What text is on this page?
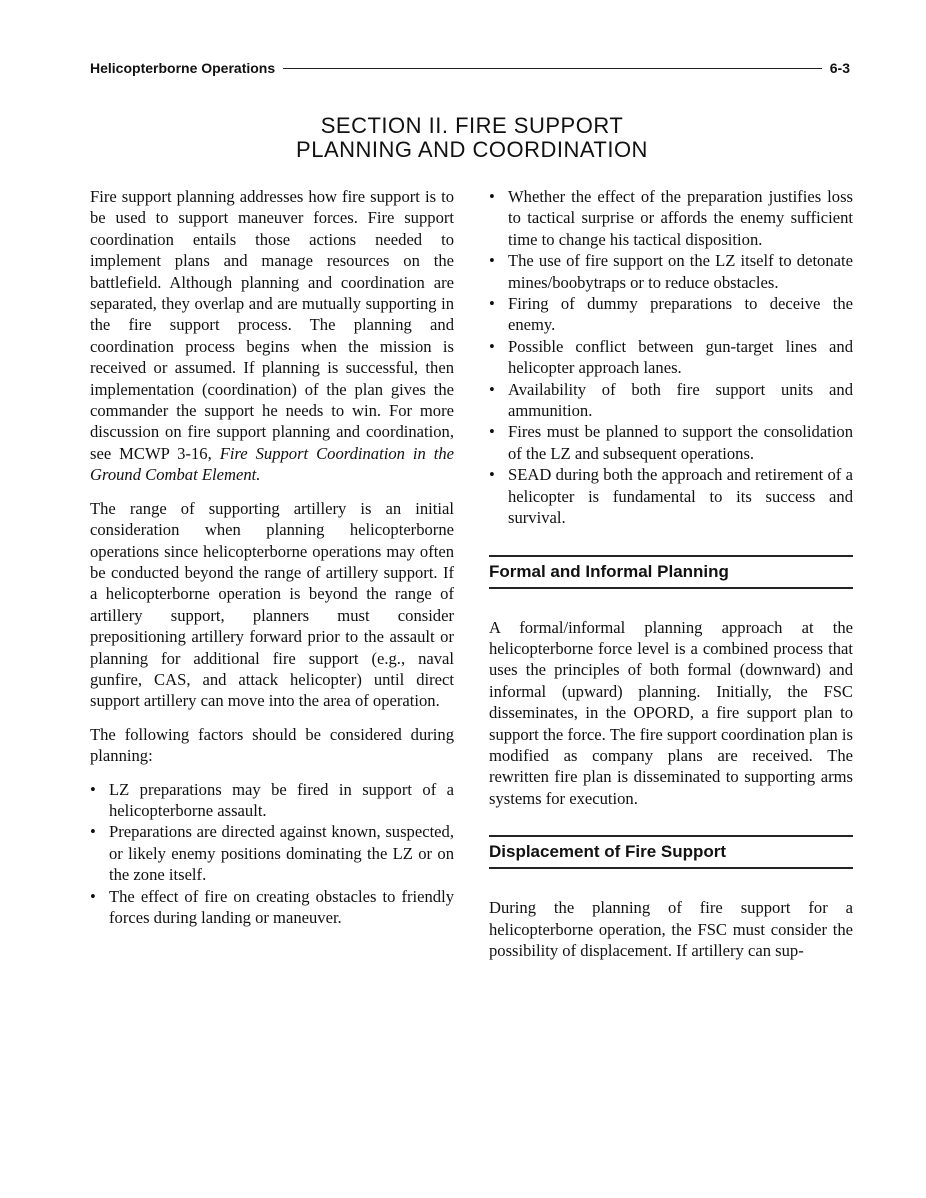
Helicopterborne Operations	6-3
SECTION II. FIRE SUPPORT
PLANNING AND COORDINATION

Fire support planning addresses how fire support is to be used to support maneuver forces. Fire support coordination entails those actions needed to implement plans and manage resources on the battlefield. Although planning and coordination are separated, they overlap and are mutually supporting in the fire support process. The planning and coordination process begins when the mission is received or assumed. If planning is successful, then implementation (coordination) of the plan gives the commander the support he needs to win. For more discussion on fire support planning and coordination, see MCWP 3-16, Fire Support Coordination in the Ground Combat Element.

The range of supporting artillery is an initial consideration when planning helicopterborne operations since helicopterborne operations may often be conducted beyond the range of artillery support. If a helicopterborne operation is beyond the range of artillery support, planners must consider prepositioning artillery forward prior to the assault or planning for additional fire support (e.g., naval gunfire, CAS, and attack helicopter) until direct support artillery can move into the area of operation.

The following factors should be considered during planning:

• LZ preparations may be fired in support of a helicopterborne assault.
• Preparations are directed against known, suspected, or likely enemy positions dominating the LZ or on the zone itself.
• The effect of fire on creating obstacles to friendly forces during landing or maneuver.
• Whether the effect of the preparation justifies loss to tactical surprise or affords the enemy sufficient time to change his tactical disposition.
• The use of fire support on the LZ itself to detonate mines/boobytraps or to reduce obstacles.
• Firing of dummy preparations to deceive the enemy.
• Possible conflict between gun-target lines and helicopter approach lanes.
• Availability of both fire support units and ammunition.
• Fires must be planned to support the consolidation of the LZ and subsequent operations.
• SEAD during both the approach and retirement of a helicopter is fundamental to its success and survival.
Formal and Informal Planning

A formal/informal planning approach at the helicopterborne force level is a combined process that uses the principles of both formal (downward) and informal (upward) planning. Initially, the FSC disseminates, in the OPORD, a fire support plan to support the force. The fire support coordination plan is modified as company plans are received. The rewritten fire plan is disseminated to supporting arms systems for execution.

Displacement of Fire Support

During the planning of fire support for a helicopterborne operation, the FSC must consider the possibility of displacement. If artillery can sup-
